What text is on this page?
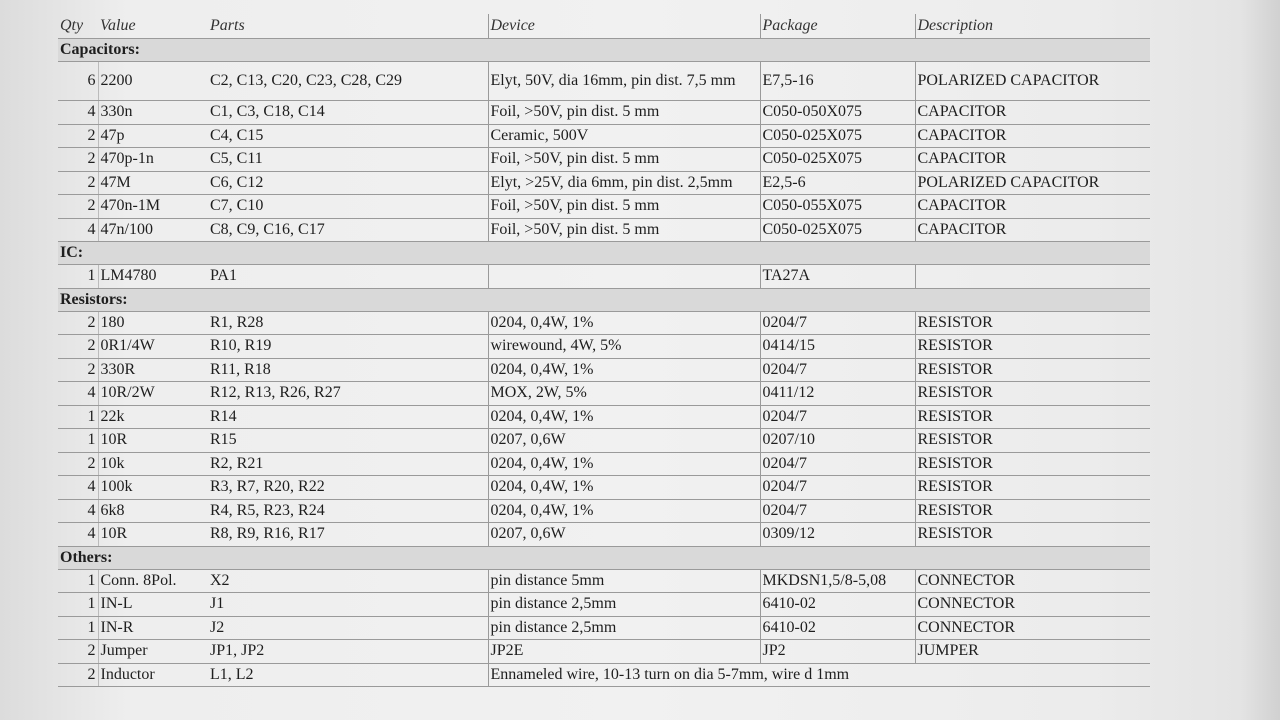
Qty	Value	Parts	Device	Package	Description
Capacitors:					
6	2200	C2, C13, C20, C23, C28, C29	Elyt, 50V, dia 16mm, pin dist. 7,5 mm	E7,5-16	POLARIZED CAPACITOR
4	330n	C1, C3, C18, C14	Foil, >50V, pin dist. 5 mm	C050-050X075	CAPACITOR
2	47p	C4, C15	Ceramic, 500V	C050-025X075	CAPACITOR
2	470p-1n	C5, C11	Foil, >50V, pin dist. 5 mm	C050-025X075	CAPACITOR
2	47M	C6, C12	Elyt, >25V, dia 6mm, pin dist. 2,5mm	E2,5-6	POLARIZED CAPACITOR
2	470n-1M	C7, C10	Foil, >50V, pin dist. 5 mm	C050-055X075	CAPACITOR
4	47n/100	C8, C9, C16, C17	Foil, >50V, pin dist. 5 mm	C050-025X075	CAPACITOR
IC:					
1	LM4780	PA1		TA27A	
Resistors:					
2	180	R1, R28	0204, 0,4W, 1%	0204/7	RESISTOR
2	0R1/4W	R10, R19	wirewound, 4W, 5%	0414/15	RESISTOR
2	330R	R11, R18	0204, 0,4W, 1%	0204/7	RESISTOR
4	10R/2W	R12, R13, R26, R27	MOX, 2W, 5%	0411/12	RESISTOR
1	22k	R14	0204, 0,4W, 1%	0204/7	RESISTOR
1	10R	R15	0207, 0,6W	0207/10	RESISTOR
2	10k	R2, R21	0204, 0,4W, 1%	0204/7	RESISTOR
4	100k	R3, R7, R20, R22	0204, 0,4W, 1%	0204/7	RESISTOR
4	6k8	R4, R5, R23, R24	0204, 0,4W, 1%	0204/7	RESISTOR
4	10R	R8, R9, R16, R17	0207, 0,6W	0309/12	RESISTOR
Others:					
1	Conn. 8Pol.	X2	pin distance 5mm	MKDSN1,5/8-5,08	CONNECTOR
1	IN-L	J1	pin distance 2,5mm	6410-02	CONNECTOR
1	IN-R	J2	pin distance 2,5mm	6410-02	CONNECTOR
2	Jumper	JP1, JP2	JP2E	JP2	JUMPER
2	Inductor	L1, L2	Ennameled wire, 10-13 turn on dia 5-7mm, wire d 1mm		
